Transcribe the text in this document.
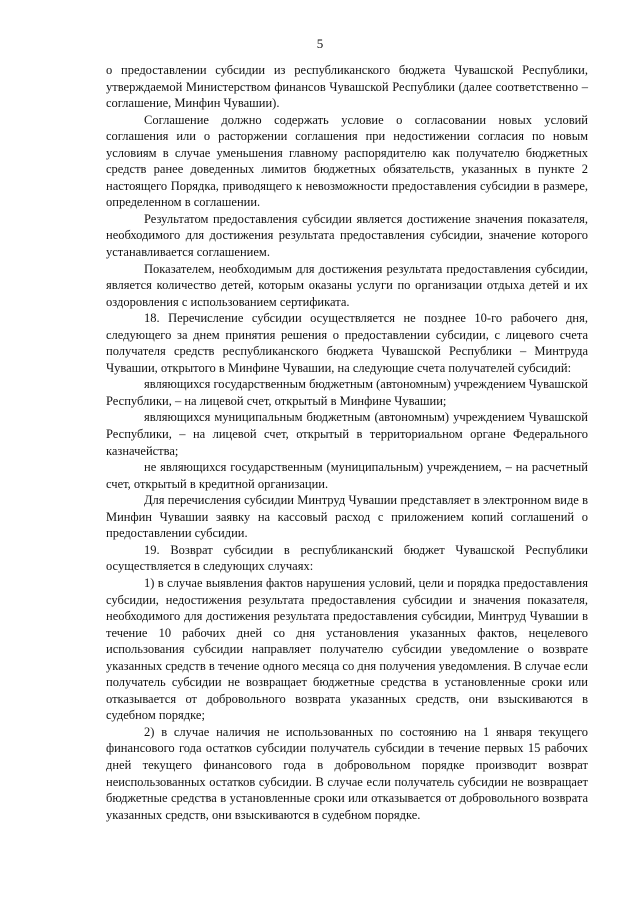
5

о предоставлении субсидии из республиканского бюджета Чувашской Республики, утверждаемой Министерством финансов Чувашской Республики (далее соответственно – соглашение, Минфин Чувашии).

Соглашение должно содержать условие о согласовании новых условий соглашения или о расторжении соглашения при недостижении согласия по новым условиям в случае уменьшения главному распорядителю как получателю бюджетных средств ранее доведенных лимитов бюджетных обязательств, указанных в пункте 2 настоящего Порядка, приводящего к невозможности предоставления субсидии в размере, определенном в соглашении.

Результатом предоставления субсидии является достижение значения показателя, необходимого для достижения результата предоставления субсидии, значение которого устанавливается соглашением.

Показателем, необходимым для достижения результата предоставления субсидии, является количество детей, которым оказаны услуги по организации отдыха детей и их оздоровления с использованием сертификата.

18. Перечисление субсидии осуществляется не позднее 10-го рабочего дня, следующего за днем принятия решения о предоставлении субсидии, с лицевого счета получателя средств республиканского бюджета Чувашской Республики – Минтруда Чувашии, открытого в Минфине Чувашии, на следующие счета получателей субсидий:

являющихся государственным бюджетным (автономным) учреждением Чувашской Республики, – на лицевой счет, открытый в Минфине Чувашии;

являющихся муниципальным бюджетным (автономным) учреждением Чувашской Республики, – на лицевой счет, открытый в территориальном органе Федерального казначейства;

не являющихся государственным (муниципальным) учреждением, – на расчетный счет, открытый в кредитной организации.

Для перечисления субсидии Минтруд Чувашии представляет в электронном виде в Минфин Чувашии заявку на кассовый расход с приложением копий соглашений о предоставлении субсидии.

19. Возврат субсидии в республиканский бюджет Чувашской Республики осуществляется в следующих случаях:

1) в случае выявления фактов нарушения условий, цели и порядка предоставления субсидии, недостижения результата предоставления субсидии и значения показателя, необходимого для достижения результата предоставления субсидии, Минтруд Чувашии в течение 10 рабочих дней со дня установления указанных фактов, нецелевого использования субсидии направляет получателю субсидии уведомление о возврате указанных средств в течение одного месяца со дня получения уведомления. В случае если получатель субсидии не возвращает бюджетные средства в установленные сроки или отказывается от добровольного возврата указанных средств, они взыскиваются в судебном порядке;

2) в случае наличия не использованных по состоянию на 1 января текущего финансового года остатков субсидии получатель субсидии в течение первых 15 рабочих дней текущего финансового года в добровольном порядке производит возврат неиспользованных остатков субсидии. В случае если получатель субсидии не возвращает бюджетные средства в установленные сроки или отказывается от добровольного возврата указанных средств, они взыскиваются в судебном порядке.
